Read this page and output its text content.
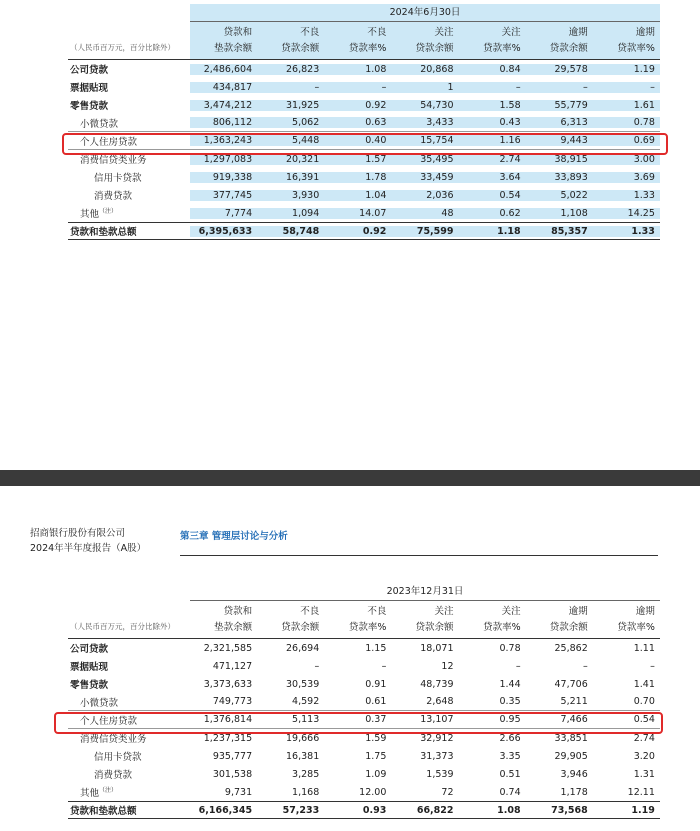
2024年6月30日
（人民币百万元，百分比除外）
贷款和
垫款余额
不良
贷款余额
不良
贷款率%
关注
贷款余额
关注
贷款率%
逾期
贷款余额
逾期
贷款率%
公司贷款	2,486,604	26,823	1.08	20,868	0.84	29,578	1.19
票据贴现	434,817	–	–	1	–	–	–
零售贷款	3,474,212	31,925	0.92	54,730	1.58	55,779	1.61
小微贷款	806,112	5,062	0.63	3,433	0.43	6,313	0.78
个人住房贷款	1,363,243	5,448	0.40	15,754	1.16	9,443	0.69
消费信贷类业务	1,297,083	20,321	1.57	35,495	2.74	38,915	3.00
信用卡贷款	919,338	16,391	1.78	33,459	3.64	33,893	3.69
消费贷款	377,745	3,930	1.04	2,036	0.54	5,022	1.33
其他$^{(注)}$	7,774	1,094	14.07	48	0.62	1,108	14.25
贷款和垫款总额	6,395,633	58,748	0.92	75,599	1.18	85,357	1.33
招商银行股份有限公司
2024年半年度报告（A股）
第三章 管理层讨论与分析
2023年12月31日
（人民币百万元，百分比除外）
贷款和
垫款余额
不良
贷款余额
不良
贷款率%
关注
贷款余额
关注
贷款率%
逾期
贷款余额
逾期
贷款率%
公司贷款	2,321,585	26,694	1.15	18,071	0.78	25,862	1.11
票据贴现	471,127	–	–	12	–	–	–
零售贷款	3,373,633	30,539	0.91	48,739	1.44	47,706	1.41
小微贷款	749,773	4,592	0.61	2,648	0.35	5,211	0.70
个人住房贷款	1,376,814	5,113	0.37	13,107	0.95	7,466	0.54
消费信贷类业务	1,237,315	19,666	1.59	32,912	2.66	33,851	2.74
信用卡贷款	935,777	16,381	1.75	31,373	3.35	29,905	3.20
消费贷款	301,538	3,285	1.09	1,539	0.51	3,946	1.31
其他$^{(注)}$	9,731	1,168	12.00	72	0.74	1,178	12.11
贷款和垫款总额	6,166,345	57,233	0.93	66,822	1.08	73,568	1.19
